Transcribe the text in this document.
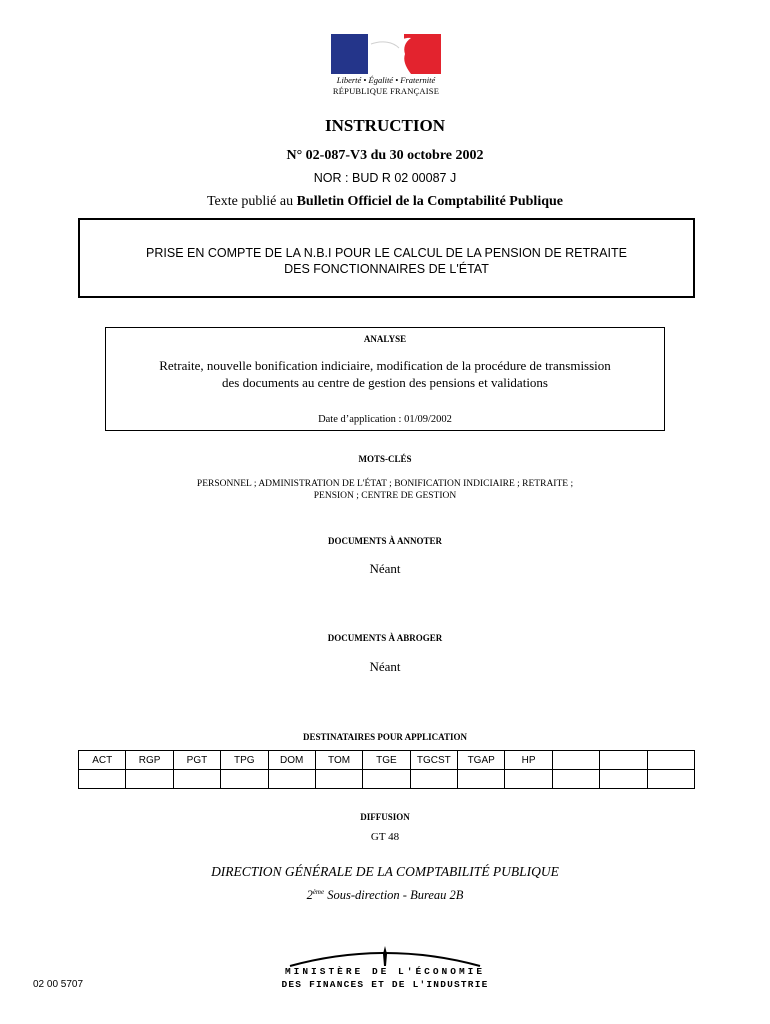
Liberté • Égalité • Fraternité
RÉPUBLIQUE FRANÇAISE
INSTRUCTION
N° 02-087-V3 du 30 octobre 2002
NOR : BUD R 02 00087 J
Texte publié au Bulletin Officiel de la Comptabilité Publique
PRISE EN COMPTE DE LA N.B.I POUR LE CALCUL DE LA PENSION DE RETRAITE
DES FONCTIONNAIRES DE L'ÉTAT
ANALYSE
Retraite, nouvelle bonification indiciaire, modification de la procédure de transmission
des documents au centre de gestion des pensions et validations
Date d’application : 01/09/2002
MOTS-CLÉS
PERSONNEL ; ADMINISTRATION DE L'ÉTAT ; BONIFICATION INDICIAIRE ; RETRAITE ;
PENSION ; CENTRE DE GESTION
DOCUMENTS À ANNOTER
Néant
DOCUMENTS À ABROGER
Néant
DESTINATAIRES POUR APPLICATION
ACT	RGP	PGT	TPG	DOM	TOM	TGE	TGCST	TGAP	HP			

DIFFUSION
GT 48
DIRECTION GÉNÉRALE DE LA COMPTABILITÉ PUBLIQUE
2ème Sous-direction - Bureau 2B
02 00 5707
MINISTÈRE DE L'ÉCONOMIE
DES FINANCES ET DE L'INDUSTRIE
